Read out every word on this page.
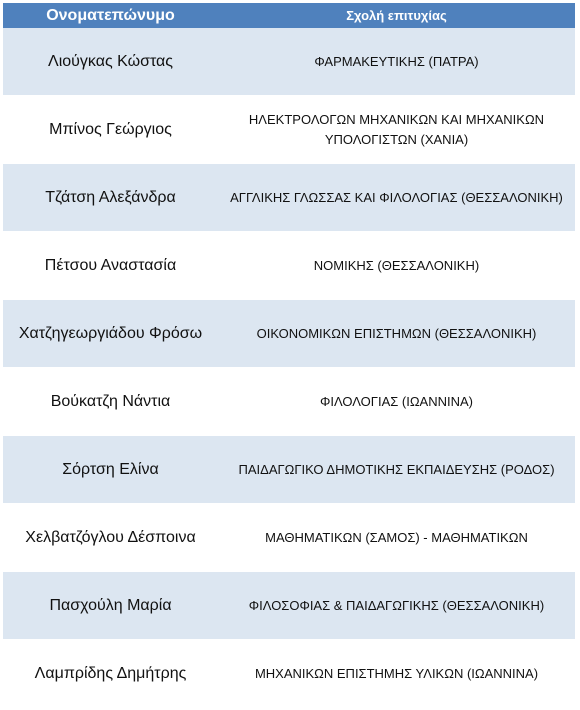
Ονοματεπώνυμο	Σχολή επιτυχίας
Λιούγκας Κώστας	ΦΑΡΜΑΚΕΥΤΙΚΗΣ (ΠΑΤΡΑ)
Μπίνος Γεώργιος	ΗΛΕΚΤΡΟΛΟΓΩΝ ΜΗΧΑΝΙΚΩΝ ΚΑΙ ΜΗΧΑΝΙΚΩΝ ΥΠΟΛΟΓΙΣΤΩΝ (ΧΑΝΙΑ)
Τζάτση Αλεξάνδρα	ΑΓΓΛΙΚΗΣ ΓΛΩΣΣΑΣ ΚΑΙ ΦΙΛΟΛΟΓΙΑΣ (ΘΕΣΣΑΛΟΝΙΚΗ)
Πέτσου Αναστασία	ΝΟΜΙΚΗΣ (ΘΕΣΣΑΛΟΝΙΚΗ)
Χατζηγεωργιάδου Φρόσω	ΟΙΚΟΝΟΜΙΚΩΝ ΕΠΙΣΤΗΜΩΝ (ΘΕΣΣΑΛΟΝΙΚΗ)
Βούκατζη Νάντια	ΦΙΛΟΛΟΓΙΑΣ (ΙΩΑΝΝΙΝΑ)
Σόρτση Ελίνα	ΠΑΙΔΑΓΩΓΙΚΟ ΔΗΜΟΤΙΚΗΣ ΕΚΠΑΙΔΕΥΣΗΣ (ΡΟΔΟΣ)
Χελβατζόγλου Δέσποινα	ΜΑΘΗΜΑΤΙΚΩΝ (ΣΑΜΟΣ) - ΜΑΘΗΜΑΤΙΚΩΝ
Πασχούλη Μαρία	ΦΙΛΟΣΟΦΙΑΣ & ΠΑΙΔΑΓΩΓΙΚΗΣ (ΘΕΣΣΑΛΟΝΙΚΗ)
Λαμπρίδης Δημήτρης	ΜΗΧΑΝΙΚΩΝ ΕΠΙΣΤΗΜΗΣ ΥΛΙΚΩΝ (ΙΩΑΝΝΙΝΑ)
